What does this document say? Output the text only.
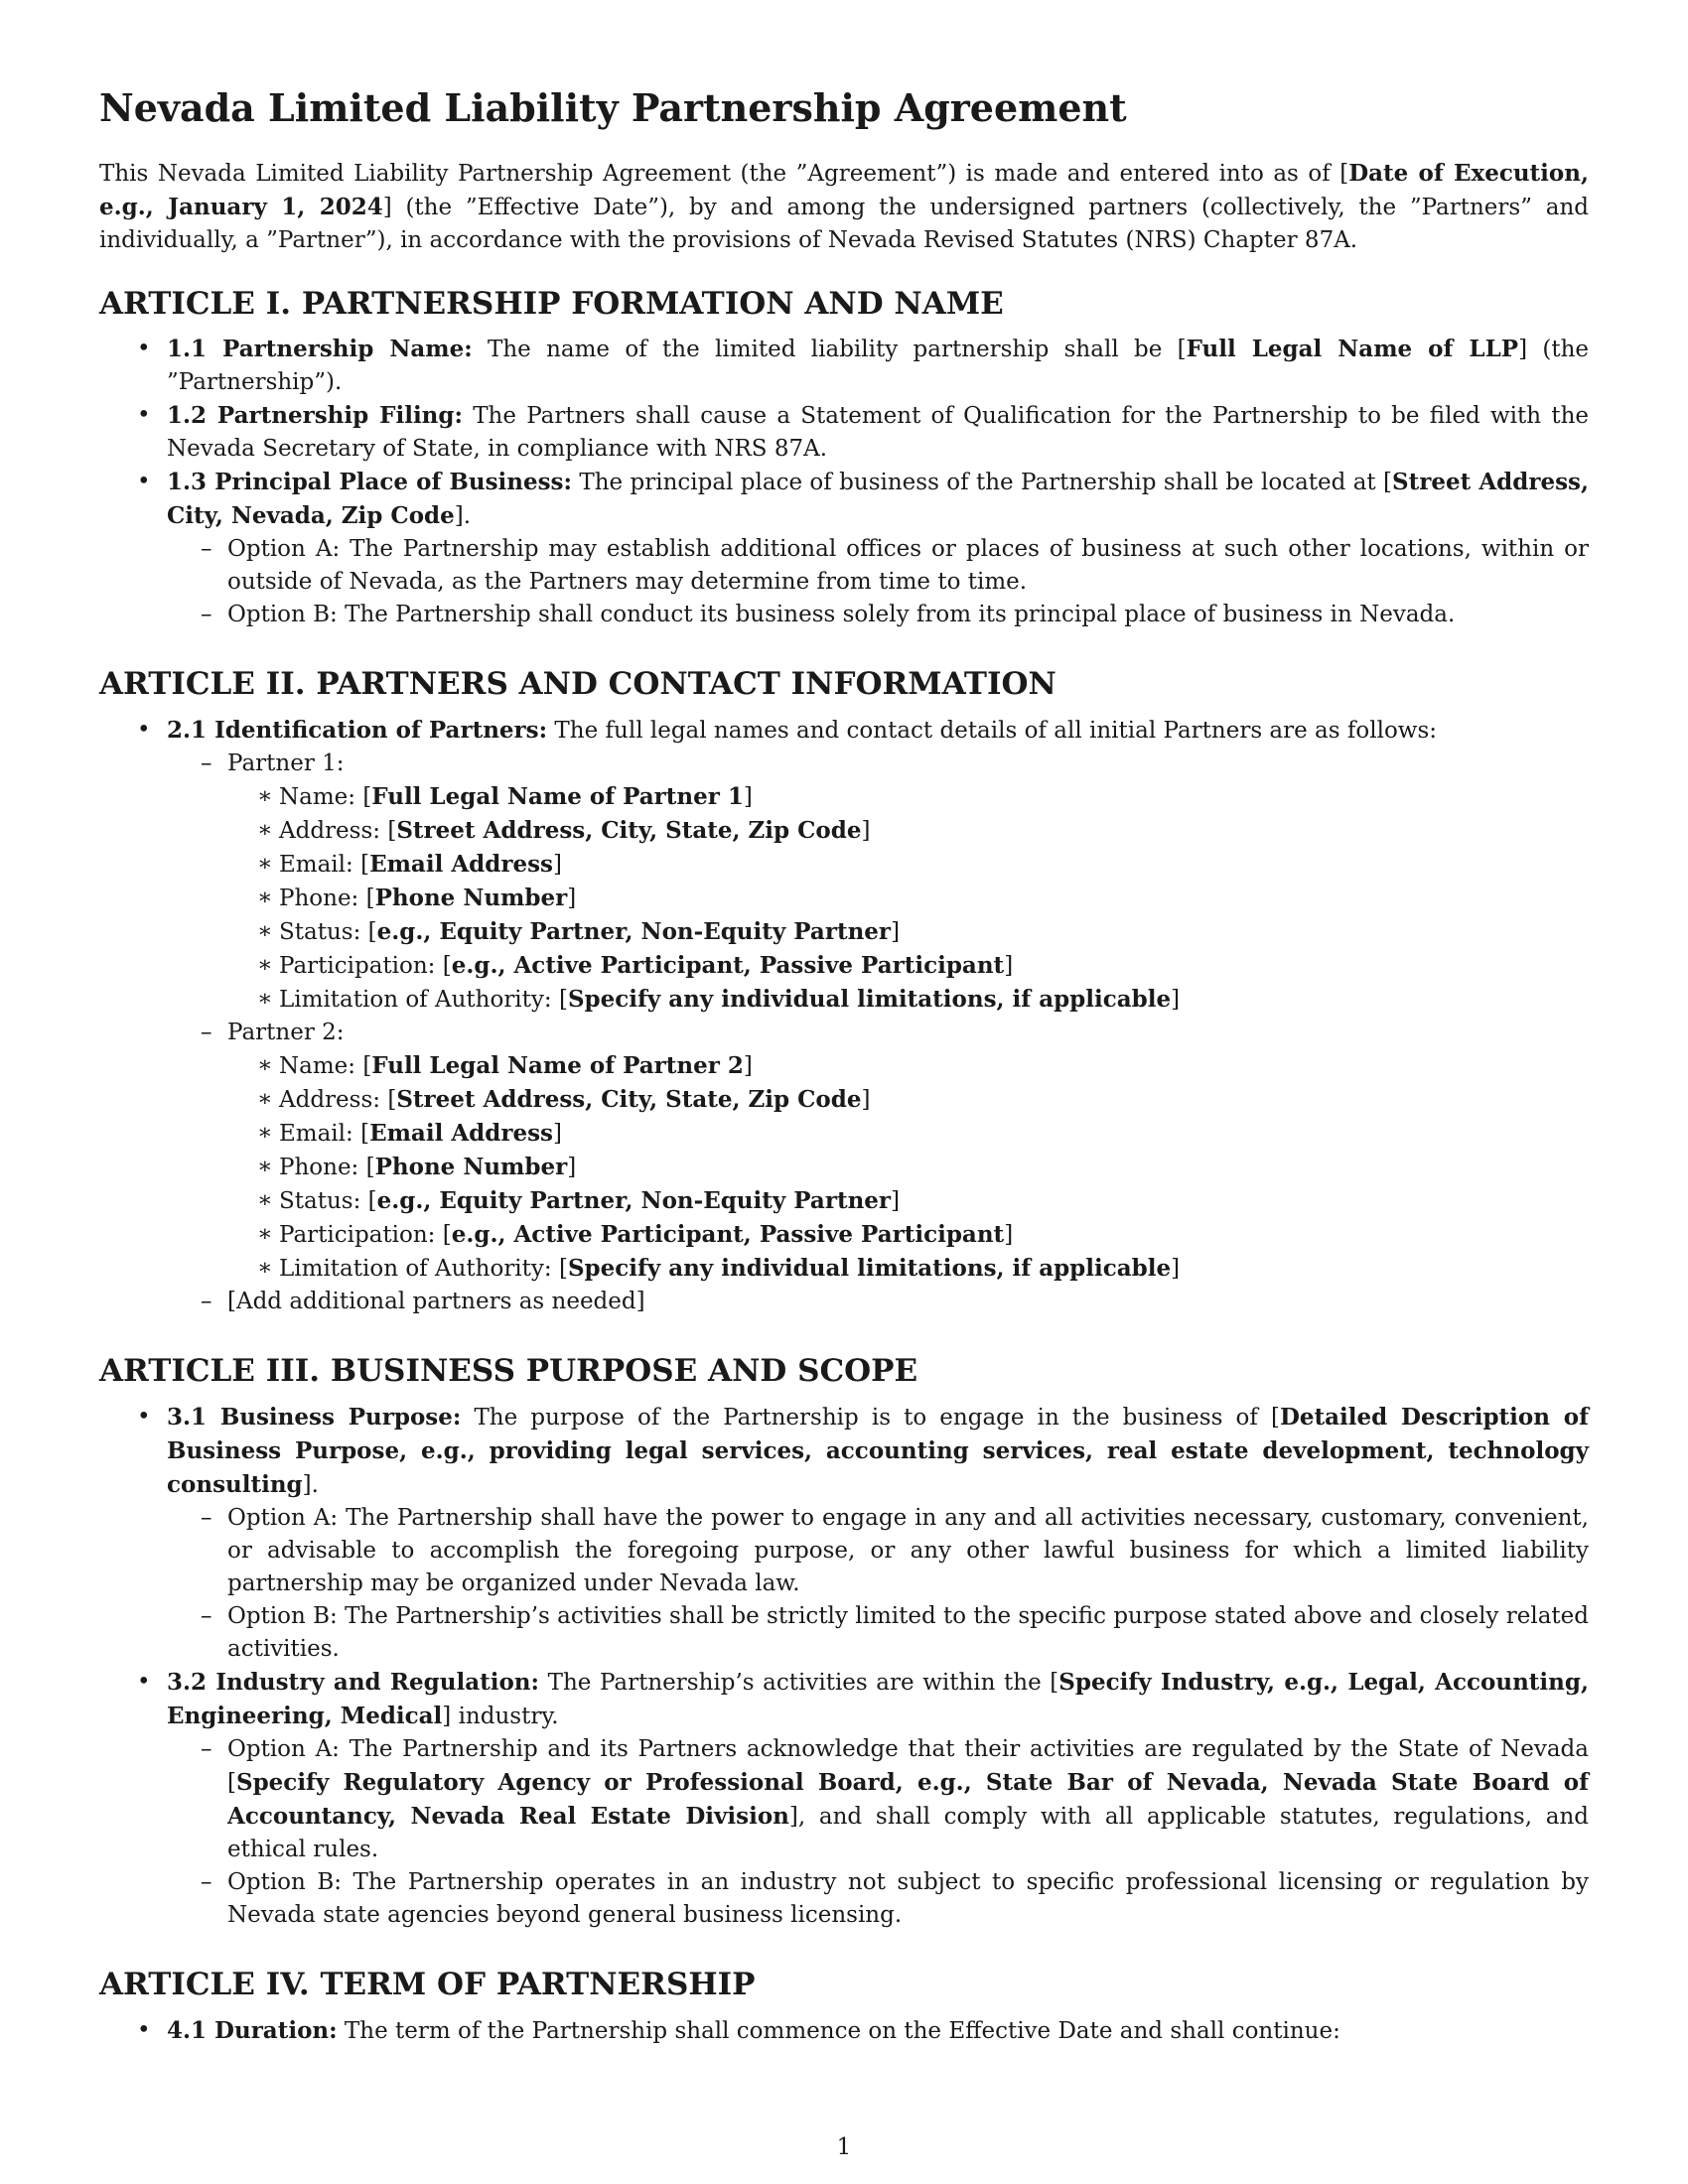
Nevada Limited Liability Partnership Agreement

This Nevada Limited Liability Partnership Agreement (the ”Agreement”) is made and entered into as of [Date of Execution, e.g., January 1, 2024] (the ”Effective Date”), by and among the undersigned partners (collectively, the ”Partners” and individually, a ”Partner”), in accordance with the provisions of Nevada Revised Statutes (NRS) Chapter 87A.

ARTICLE I. PARTNERSHIP FORMATION AND NAME
• 1.1 Partnership Name: The name of the limited liability partnership shall be [Full Legal Name of LLP] (the ”Partnership”).
• 1.2 Partnership Filing: The Partners shall cause a Statement of Qualification for the Partnership to be filed with the Nevada Secretary of State, in compliance with NRS 87A.
• 1.3 Principal Place of Business: The principal place of business of the Partnership shall be located at [Street Address, City, Nevada, Zip Code].
– Option A: The Partnership may establish additional offices or places of business at such other locations, within or outside of Nevada, as the Partners may determine from time to time.
– Option B: The Partnership shall conduct its business solely from its principal place of business in Nevada.
ARTICLE II. PARTNERS AND CONTACT INFORMATION
• 2.1 Identification of Partners: The full legal names and contact details of all initial Partners are as follows:
– Partner 1:
∗ Name: [Full Legal Name of Partner 1]
∗ Address: [Street Address, City, State, Zip Code]
∗ Email: [Email Address]
∗ Phone: [Phone Number]
∗ Status: [e.g., Equity Partner, Non-Equity Partner]
∗ Participation: [e.g., Active Participant, Passive Participant]
∗ Limitation of Authority: [Specify any individual limitations, if applicable]
– Partner 2:
∗ Name: [Full Legal Name of Partner 2]
∗ Address: [Street Address, City, State, Zip Code]
∗ Email: [Email Address]
∗ Phone: [Phone Number]
∗ Status: [e.g., Equity Partner, Non-Equity Partner]
∗ Participation: [e.g., Active Participant, Passive Participant]
∗ Limitation of Authority: [Specify any individual limitations, if applicable]
– [Add additional partners as needed]
ARTICLE III. BUSINESS PURPOSE AND SCOPE
• 3.1 Business Purpose: The purpose of the Partnership is to engage in the business of [Detailed Description of Business Purpose, e.g., providing legal services, accounting services, real estate development, technology consulting].
– Option A: The Partnership shall have the power to engage in any and all activities necessary, customary, convenient, or advisable to accomplish the foregoing purpose, or any other lawful business for which a limited liability partnership may be organized under Nevada law.
– Option B: The Partnership’s activities shall be strictly limited to the specific purpose stated above and closely related activities.
• 3.2 Industry and Regulation: The Partnership’s activities are within the [Specify Industry, e.g., Legal, Accounting, Engineering, Medical] industry.
– Option A: The Partnership and its Partners acknowledge that their activities are regulated by the State of Nevada [Specify Regulatory Agency or Professional Board, e.g., State Bar of Nevada, Nevada State Board of Accountancy, Nevada Real Estate Division], and shall comply with all applicable statutes, regulations, and ethical rules.
– Option B: The Partnership operates in an industry not subject to specific professional licensing or regulation by Nevada state agencies beyond general business licensing.
ARTICLE IV. TERM OF PARTNERSHIP
• 4.1 Duration: The term of the Partnership shall commence on the Effective Date and shall continue:
1
